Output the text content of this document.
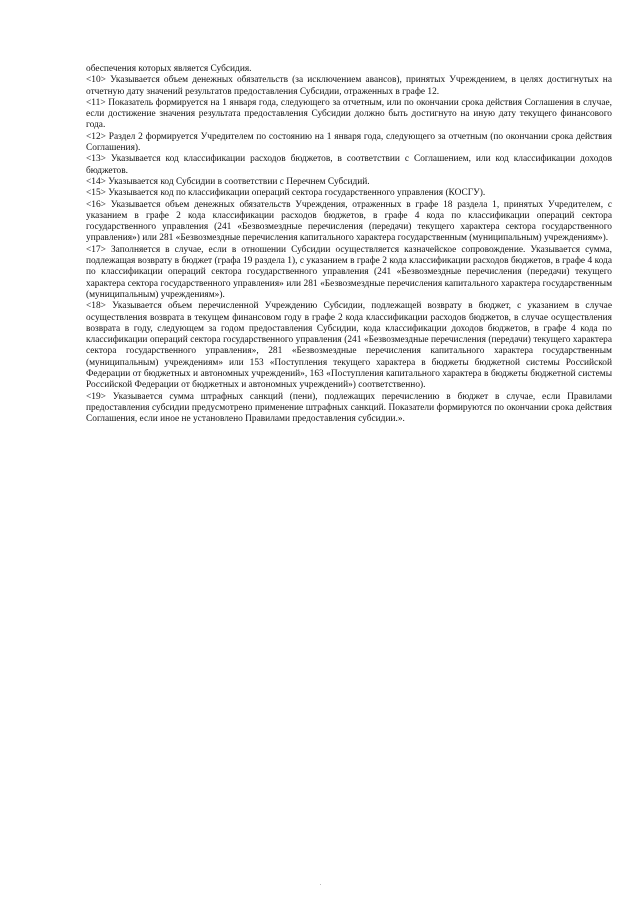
обеспечения которых является Субсидия.

<10> Указывается объем денежных обязательств (за исключением авансов), принятых Учреждением, в целях достигнутых на отчетную дату значений результатов предоставления Субсидии, отраженных в графе 12.

<11> Показатель формируется на 1 января года, следующего за отчетным, или по окончании срока действия Соглашения в случае, если достижение значения результата предоставления Субсидии должно быть достигнуто на иную дату текущего финансового года.

<12> Раздел 2 формируется Учредителем по состоянию на 1 января года, следующего за отчетным (по окончании срока действия Соглашения).

<13> Указывается код классификации расходов бюджетов, в соответствии с Соглашением, или код классификации доходов бюджетов.

<14> Указывается код Субсидии в соответствии с Перечнем Субсидий.

<15> Указывается код по классификации операций сектора государственного управления (КОСГУ).

<16> Указывается объем денежных обязательств Учреждения, отраженных в графе 18 раздела 1, принятых Учредителем, с указанием в графе 2 кода классификации расходов бюджетов, в графе 4 кода по классификации операций сектора государственного управления (241 «Безвозмездные перечисления (передачи) текущего характера сектора государственного управления») или 281 «Безвозмездные перечисления капитального характера государственным (муниципальным) учреждениям»).

<17> Заполняется в случае, если в отношении Субсидии осуществляется казначейское сопровождение. Указывается сумма, подлежащая возврату в бюджет (графа 19 раздела 1), с указанием в графе 2 кода классификации расходов бюджетов, в графе 4 кода по классификации операций сектора государственного управления (241 «Безвозмездные перечисления (передачи) текущего характера сектора государственного управления» или 281 «Безвозмездные перечисления капитального характера государственным (муниципальным) учреждениям»).

<18> Указывается объем перечисленной Учреждению Субсидии, подлежащей возврату в бюджет, с указанием в случае осуществления возврата в текущем финансовом году в графе 2 кода классификации расходов бюджетов, в случае осуществления возврата в году, следующем за годом предоставления Субсидии, кода классификации доходов бюджетов, в графе 4 кода по классификации операций сектора государственного управления (241 «Безвозмездные перечисления (передачи) текущего характера сектора государственного управления», 281 «Безвозмездные перечисления капитального характера государственным (муниципальным) учреждениям» или 153 «Поступления текущего характера в бюджеты бюджетной системы Российской Федерации от бюджетных и автономных учреждений», 163 «Поступления капитального характера в бюджеты бюджетной системы Российской Федерации от бюджетных и автономных учреждений») соответственно).

<19> Указывается сумма штрафных санкций (пени), подлежащих перечислению в бюджет в случае, если Правилами предоставления субсидии предусмотрено применение штрафных санкций. Показатели формируются по окончании срока действия Соглашения, если иное не установлено Правилами предоставления субсидии.».
